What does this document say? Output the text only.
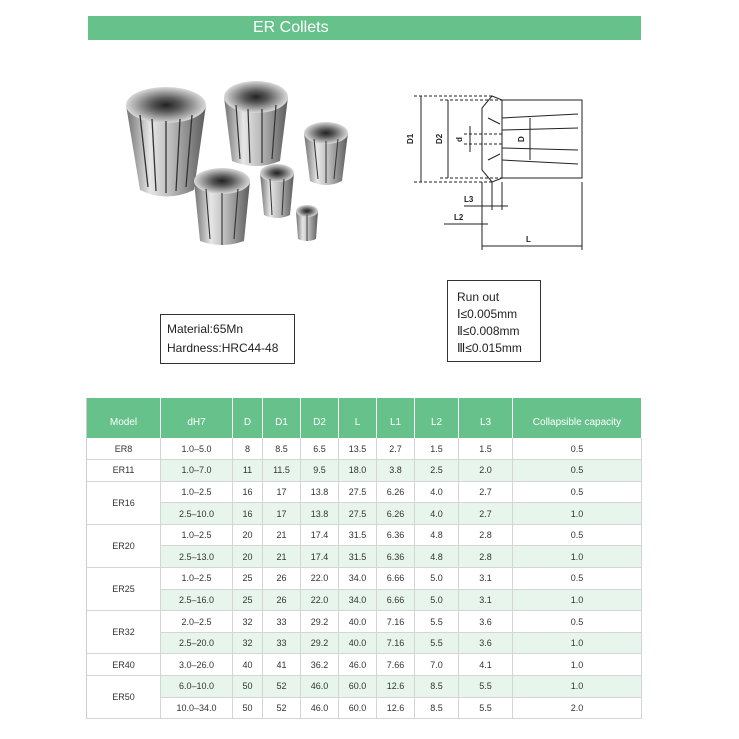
ER Collets
D1	D2 d	D
L3
L2
L
Material:65Mn
Hardness:HRC44-48
Run out
Ⅰ≤0.005mm
Ⅱ≤0.008mm
Ⅲ≤0.015mm
Model	dH7	D	D1	D2	L	L1	L2	L3	Collapsible capacity
ER8	1.0–5.0	8	8.5	6.5	13.5	2.7	1.5	1.5	0.5
ER11	1.0–7.0	11	11.5	9.5	18.0	3.8	2.5	2.0	0.5
ER16	1.0–2.5	16	17	13.8	27.5	6.26	4.0	2.7	0.5
	2.5–10.0	16	17	13.8	27.5	6.26	4.0	2.7	1.0
ER20	1.0–2.5	20	21	17.4	31.5	6.36	4.8	2.8	0.5
	2.5–13.0	20	21	17.4	31.5	6.36	4.8	2.8	1.0
ER25	1.0–2.5	25	26	22.0	34.0	6.66	5.0	3.1	0.5
	2.5–16.0	25	26	22.0	34.0	6.66	5.0	3.1	1.0
ER32	2.0–2.5	32	33	29.2	40.0	7.16	5.5	3.6	0.5
	2.5–20.0	32	33	29.2	40.0	7.16	5.5	3.6	1.0
ER40	3.0–26.0	40	41	36.2	46.0	7.66	7.0	4.1	1.0
ER50	6.0–10.0	50	52	46.0	60.0	12.6	8.5	5.5	1.0
	10.0–34.0	50	52	46.0	60.0	12.6	8.5	5.5	2.0
